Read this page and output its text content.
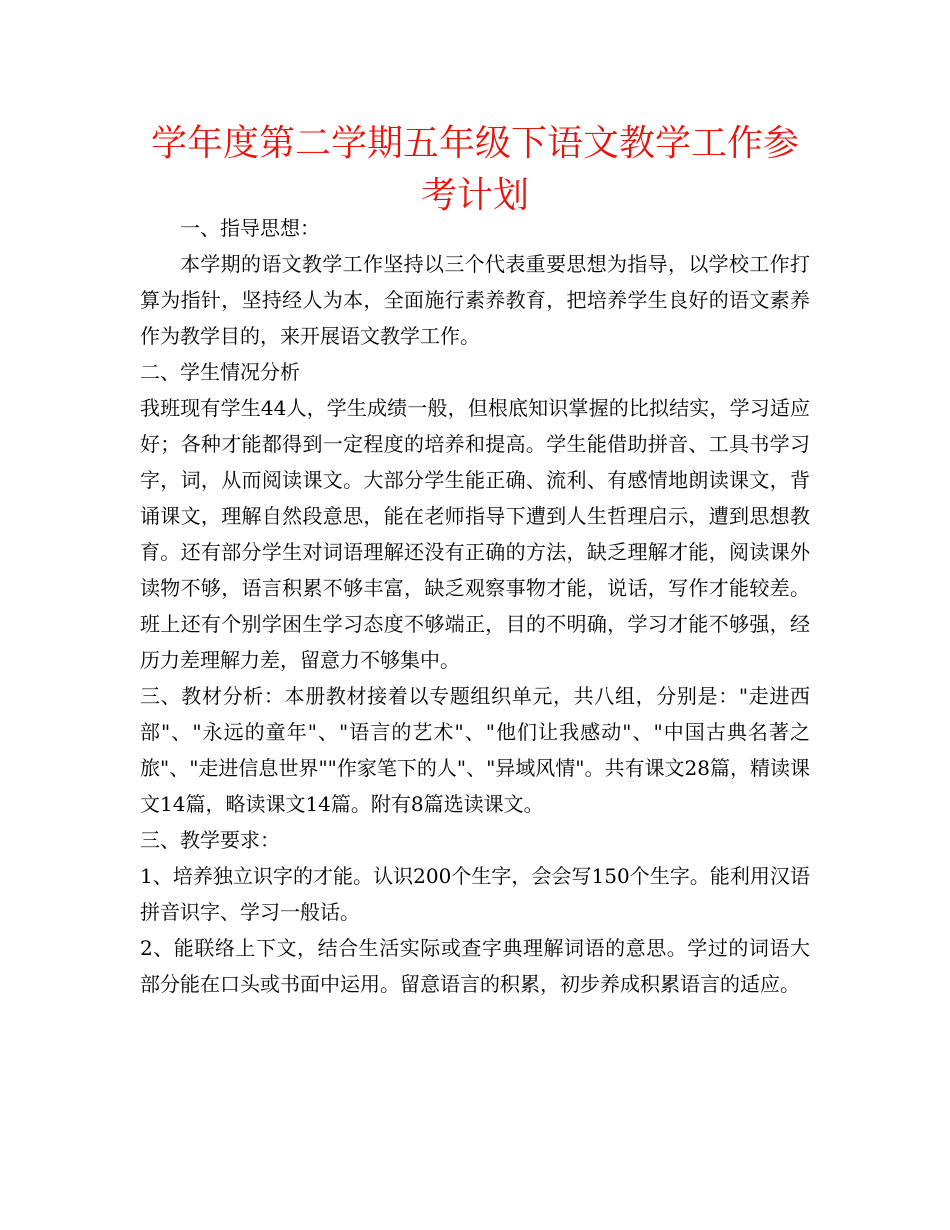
学年度第二学期五年级下语文教学工作参考计划

一、指导思想：

本学期的语文教学工作坚持以三个代表重要思想为指导，以学校工作打算为指针，坚持经人为本，全面施行素养教育，把培养学生良好的语文素养作为教学目的，来开展语文教学工作。

二、学生情况分析

我班现有学生44人，学生成绩一般，但根底知识掌握的比拟结实，学习适应好；各种才能都得到一定程度的培养和提高。学生能借助拼音、工具书学习字，词，从而阅读课文。大部分学生能正确、流利、有感情地朗读课文，背诵课文，理解自然段意思，能在老师指导下遭到人生哲理启示，遭到思想教育。还有部分学生对词语理解还没有正确的方法，缺乏理解才能，阅读课外读物不够，语言积累不够丰富，缺乏观察事物才能，说话，写作才能较差。班上还有个别学困生学习态度不够端正，目的不明确，学习才能不够强，经历力差理解力差，留意力不够集中。

三、教材分析：本册教材接着以专题组织单元，共八组，分别是："走进西部"、"永远的童年"、"语言的艺术"、"他们让我感动"、"中国古典名著之旅"、"走进信息世界""作家笔下的人"、"异域风情"。共有课文28篇，精读课文14篇，略读课文14篇。附有8篇选读课文。

三、教学要求：

1、培养独立识字的才能。认识200个生字，会会写150个生字。能利用汉语拼音识字、学习一般话。

2、能联络上下文，结合生活实际或查字典理解词语的意思。学过的词语大部分能在口头或书面中运用。留意语言的积累，初步养成积累语言的适应。
